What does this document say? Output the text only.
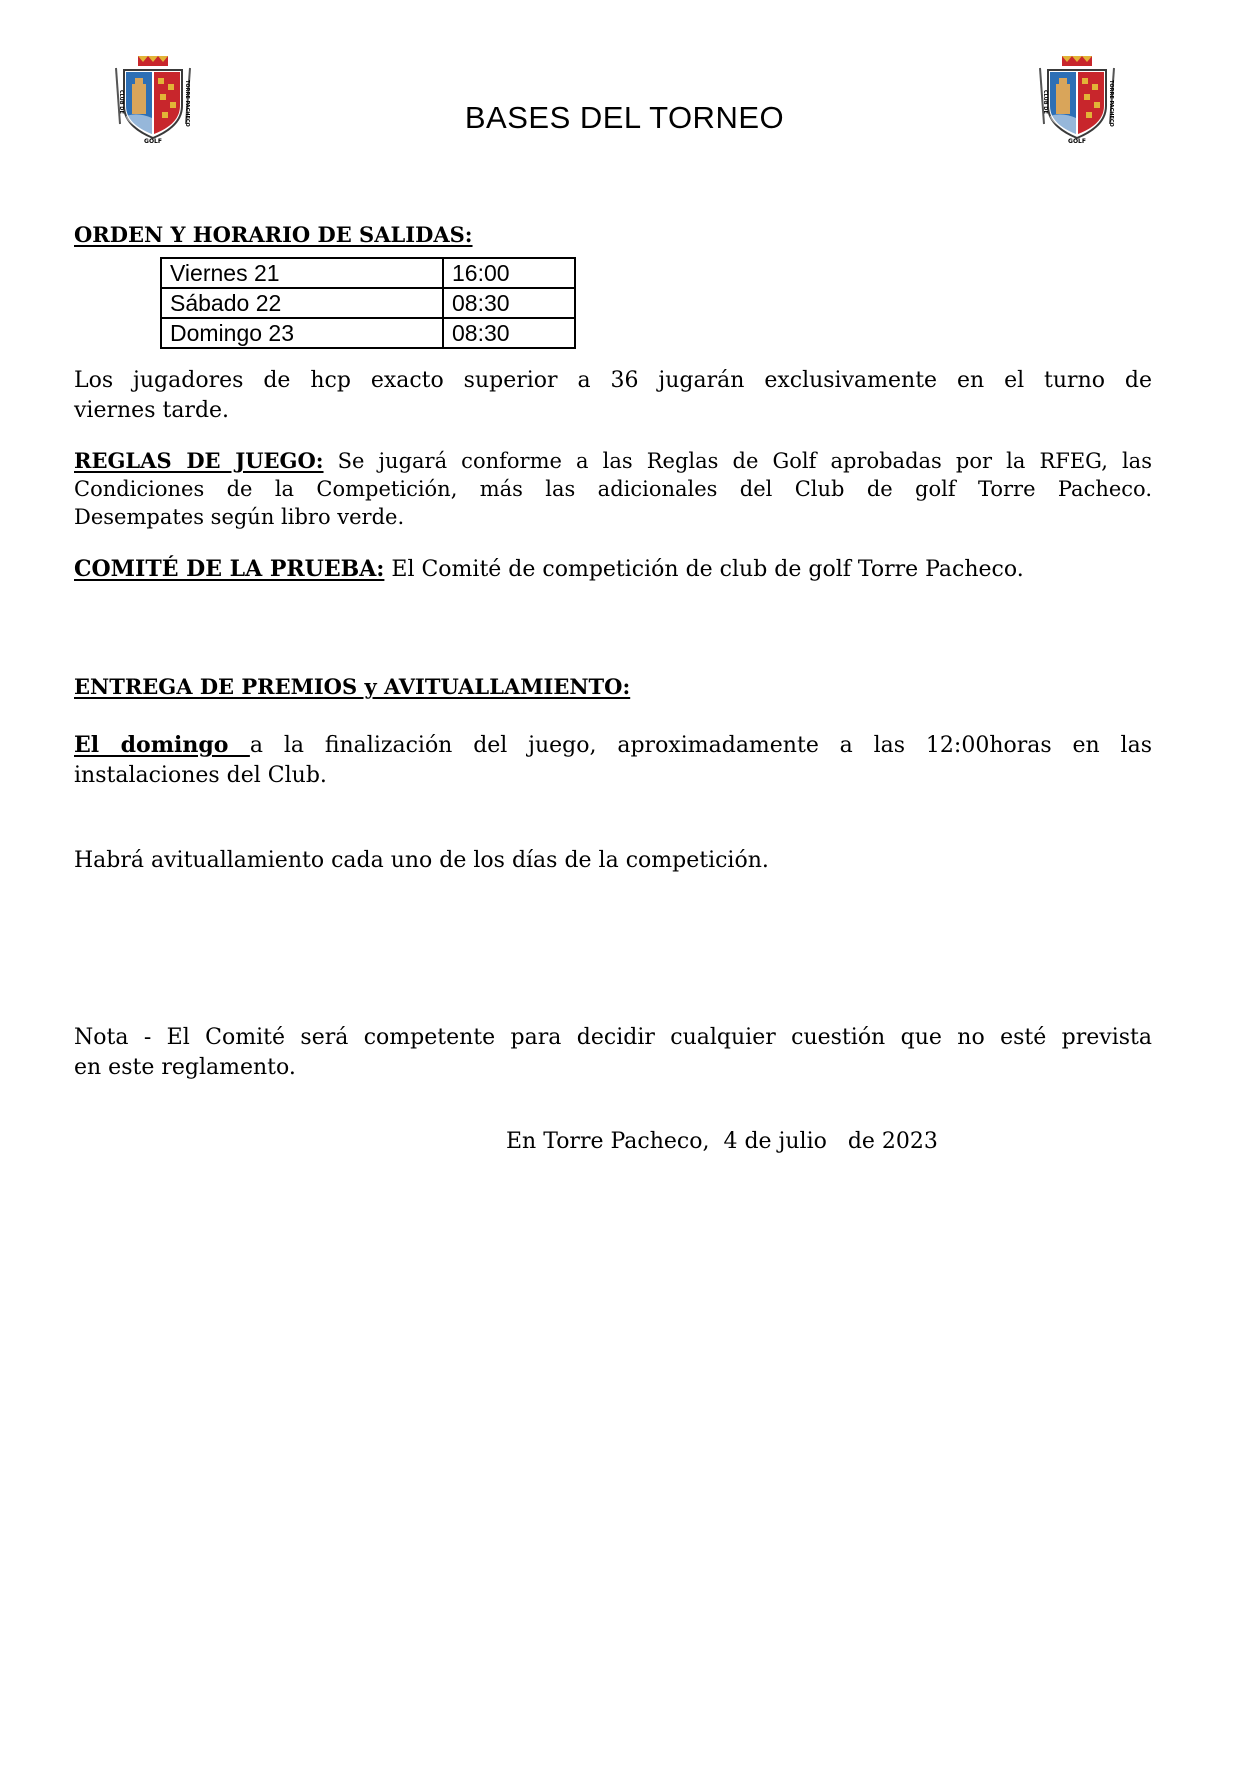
CLUB DE	TORRE PACHECO
GOLF
BASES DEL TORNEO	CLUB DE	TORRE PACHECO
GOLF
ORDEN Y HORARIO DE SALIDAS:
Viernes 21	16:00
Sábado 22	08:30
Domingo 23	08:30
Los jugadores de hcp exacto superior a 36 jugarán exclusivamente en el turno de
viernes tarde.
REGLAS DE JUEGO: Se jugará conforme a las Reglas de Golf aprobadas por la RFEG, las
Condiciones de la Competición, más las adicionales del Club de golf Torre Pacheco.
Desempates según libro verde.
COMITÉ DE LA PRUEBA: El Comité de competición de club de golf Torre Pacheco.
ENTREGA DE PREMIOS y AVITUALLAMIENTO:
El domingo a la finalización del juego, aproximadamente a las 12:00horas en las
instalaciones del Club.
Habrá avituallamiento cada uno de los días de la competición.
Nota - El Comité será competente para decidir cualquier cuestión que no esté prevista
en este reglamento.
En Torre Pacheco,  4 de julio   de 2023
